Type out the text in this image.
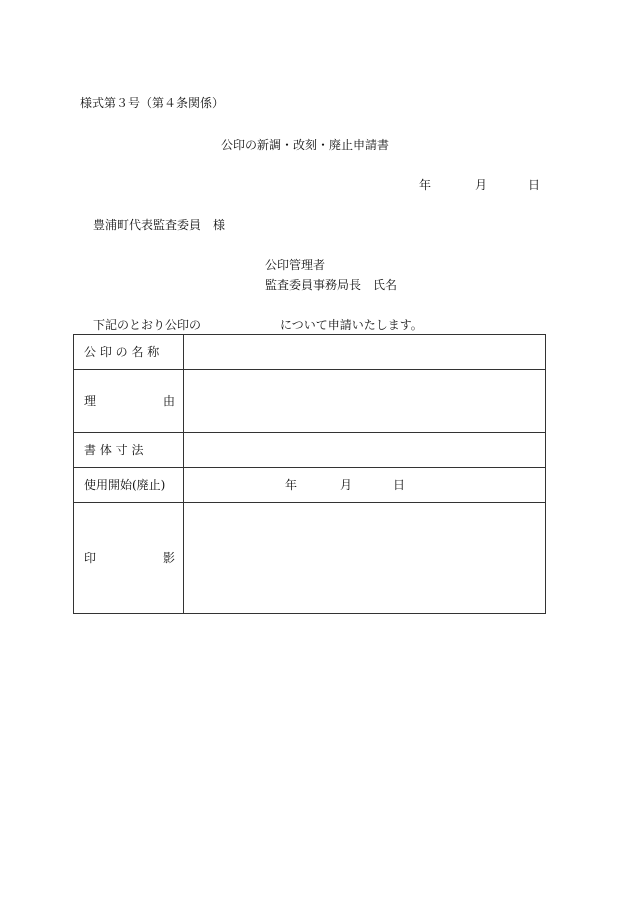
様式第３号（第４条関係）
公印の新調・改刻・廃止申請書
年	月	日
豊浦町代表監査委員　様
公印管理者
監査委員事務局長　氏名
下記のとおり公印の	について申請いたします。
公 印 の 名 称	

理 由	

書 体 寸 法	
使用開始(廃止)	年 月 日

印 影	
